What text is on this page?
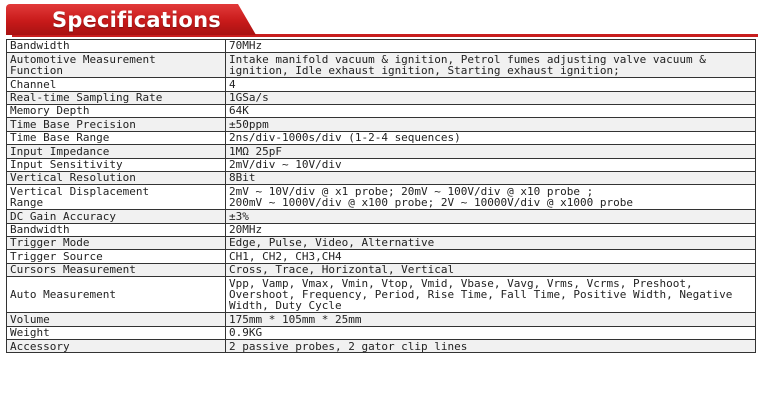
Specifications
Bandwidth	70MHz
Automotive Measurement
Function	Intake manifold vacuum & ignition, Petrol fumes adjusting valve vacuum &
ignition, Idle exhaust ignition, Starting exhaust ignition;
Channel	4
Real-time Sampling Rate	1GSa/s
Memory Depth	64K
Time Base Precision	±50ppm
Time Base Range	2ns/div-1000s/div (1-2-4 sequences)
Input Impedance	1MΩ 25pF
Input Sensitivity	2mV/div ~ 10V/div
Vertical Resolution	8Bit
Vertical Displacement
Range	2mV ~ 10V/div @ x1 probe; 20mV ~ 100V/div @ x10 probe ;
200mV ~ 1000V/div @ x100 probe; 2V ~ 10000V/div @ x1000 probe
DC Gain Accuracy	±3%
Bandwidth	20MHz
Trigger Mode	Edge, Pulse, Video, Alternative
Trigger Source	CH1, CH2, CH3,CH4
Cursors Measurement	Cross, Trace, Horizontal, Vertical
Auto Measurement	Vpp, Vamp, Vmax, Vmin, Vtop, Vmid, Vbase, Vavg, Vrms, Vcrms, Preshoot,
Overshoot, Frequency, Period, Rise Time, Fall Time, Positive Width, Negative
Width, Duty Cycle
Volume	175mm * 105mm * 25mm
Weight	0.9KG
Accessory	2 passive probes, 2 gator clip lines
